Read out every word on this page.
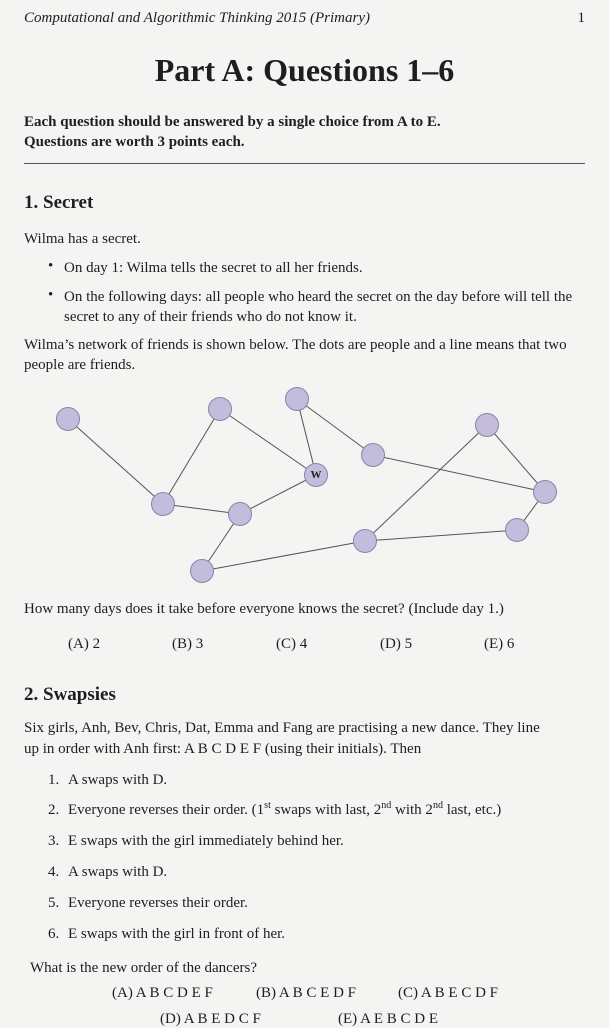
Computational and Algorithmic Thinking 2015 (Primary)	1
Part A: Questions 1–6
Each question should be answered by a single choice from A to E.
Questions are worth 3 points each.
1. Secret
Wilma has a secret.
• On day 1: Wilma tells the secret to all her friends.
• On the following days: all people who heard the secret on the day before will tell the secret to any of their friends who do not know it.
Wilma’s network of friends is shown below. The dots are people and a line means that two people are friends.
W
How many days does it take before everyone knows the secret? (Include day 1.)
(A) 2	(B) 3	(C) 4	(D) 5	(E) 6
2. Swapsies
Six girls, Anh, Bev, Chris, Dat, Emma and Fang are practising a new dance. They line
up in order with Anh first: A B C D E F (using their initials). Then
1. A swaps with D.
2. Everyone reverses their order. (1st swaps with last, 2nd with 2nd last, etc.)
3. E swaps with the girl immediately behind her.
4. A swaps with D.
5. Everyone reverses their order.
6. E swaps with the girl in front of her.
What is the new order of the dancers?
(A) A B C D E F	(B) A B C E D F	(C) A B E C D F
(D) A B E D C F	(E) A E B C D E
